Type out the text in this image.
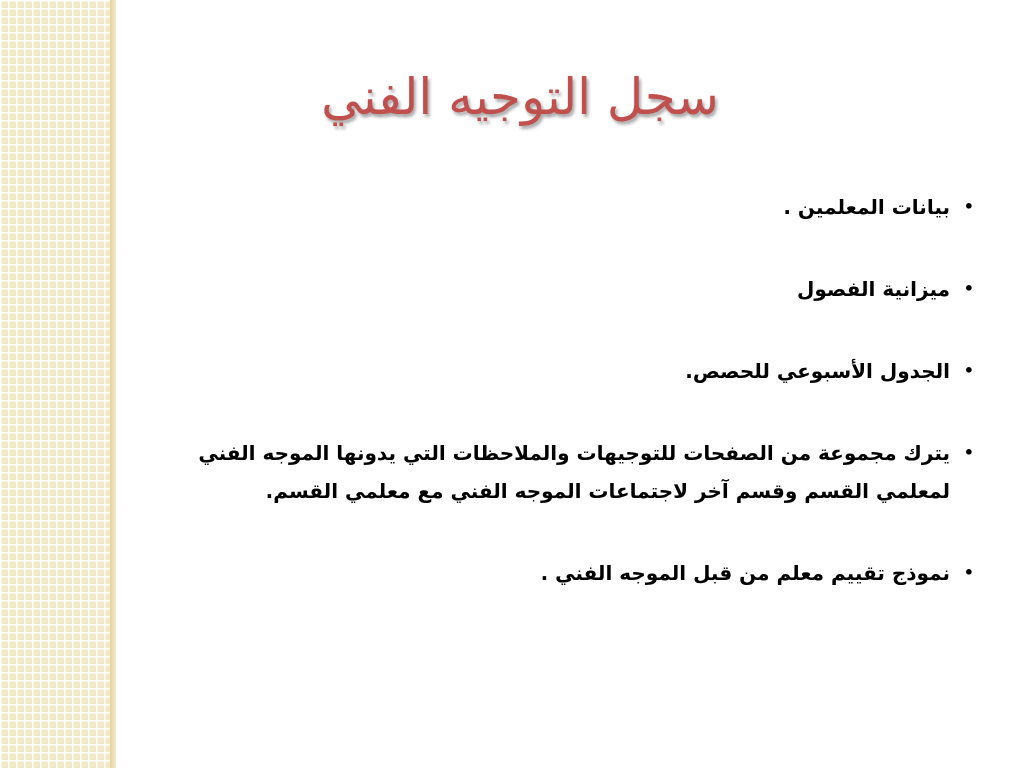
سجل التوجيه الفني
•
بيانات المعلمين .
•
ميزانية الفصول
•
الجدول الأسبوعي للحصص.
•
يترك مجموعة من الصفحات للتوجيهات والملاحظات التي يدونها الموجه الفني لمعلمي القسم وقسم آخر لاجتماعات الموجه الفني مع معلمي القسم.
•
نموذج تقييم معلم من قبل الموجه الفني .
